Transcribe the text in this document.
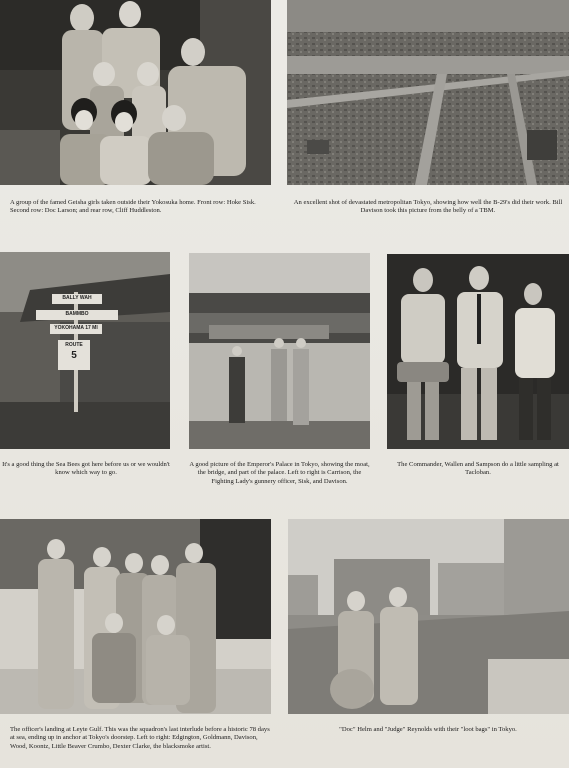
A group of the famed Geisha girls taken outside their Yokosuka home. Front row: Hoke Sisk. Second row: Doc Larson; and rear row, Cliff Huddleston.

An excellent shot of devastated metropolitan Tokyo, showing how well the B-29's did their work. Bill Davison took this picture from the belly of a TBM.

BALLY WAH
BAMMBO
YOKOHAMA 17 MI
ROUTE
5

It's a good thing the Sea Bees got here before us or we wouldn't know which way to go.

A good picture of the Emperor's Palace in Tokyo, showing the moat, the bridge, and part of the palace. Left to right is Carrison, the Fighting Lady's gunnery officer, Sisk, and Davison.

The Commander, Wallen and Sampson do a little sampling at Tacloban.

The officer's landing at Leyte Gulf. This was the squadron's last interlude before a historic 78 days at sea, ending up in anchor at Tokyo's doorstep. Left to right: Edgington, Goldmann, Davison, Wood, Koontz, Little Beaver Crumbo, Dexter Clarke, the blacksmoke artist.

"Doc" Helm and "Judge" Reynolds with their "loot bags" in Tokyo.
